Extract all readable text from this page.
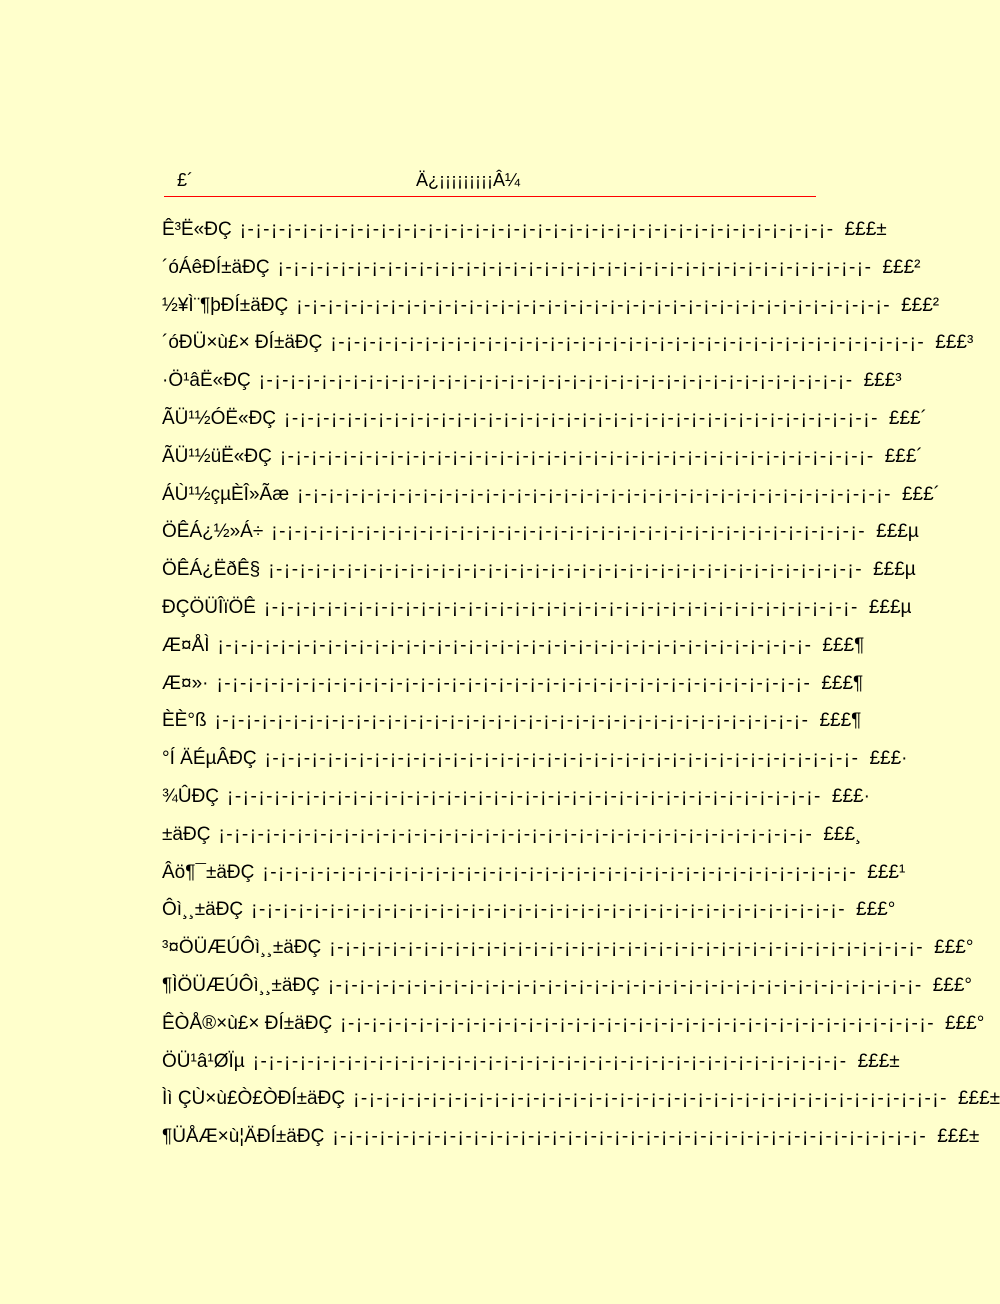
£´	Ä¿¡¡¡¡¡¡¡¡¡Â¼
Ê³Ë«ÐÇ ¡-¡-¡-¡-¡-¡-¡-¡-¡-¡-¡-¡-¡-¡-¡-¡-¡-¡-¡-¡-¡-¡-¡-¡-¡-¡-¡-¡-¡-¡-¡-¡-¡-¡-¡-¡-¡-¡- £££±
´óÁêÐÍ±äÐÇ ¡-¡-¡-¡-¡-¡-¡-¡-¡-¡-¡-¡-¡-¡-¡-¡-¡-¡-¡-¡-¡-¡-¡-¡-¡-¡-¡-¡-¡-¡-¡-¡-¡-¡-¡-¡-¡-¡- £££²
½¥Ì¨¶þÐÍ±äÐÇ ¡-¡-¡-¡-¡-¡-¡-¡-¡-¡-¡-¡-¡-¡-¡-¡-¡-¡-¡-¡-¡-¡-¡-¡-¡-¡-¡-¡-¡-¡-¡-¡-¡-¡-¡-¡-¡-¡- £££²
´óÐÜ×ù£× ÐÍ±äÐÇ ¡-¡-¡-¡-¡-¡-¡-¡-¡-¡-¡-¡-¡-¡-¡-¡-¡-¡-¡-¡-¡-¡-¡-¡-¡-¡-¡-¡-¡-¡-¡-¡-¡-¡-¡-¡-¡-¡- £££³
·Ö¹âË«ÐÇ ¡-¡-¡-¡-¡-¡-¡-¡-¡-¡-¡-¡-¡-¡-¡-¡-¡-¡-¡-¡-¡-¡-¡-¡-¡-¡-¡-¡-¡-¡-¡-¡-¡-¡-¡-¡-¡-¡- £££³
ÃÜ¹½ÓË«ÐÇ ¡-¡-¡-¡-¡-¡-¡-¡-¡-¡-¡-¡-¡-¡-¡-¡-¡-¡-¡-¡-¡-¡-¡-¡-¡-¡-¡-¡-¡-¡-¡-¡-¡-¡-¡-¡-¡-¡- £££´
ÃÜ¹½üË«ÐÇ ¡-¡-¡-¡-¡-¡-¡-¡-¡-¡-¡-¡-¡-¡-¡-¡-¡-¡-¡-¡-¡-¡-¡-¡-¡-¡-¡-¡-¡-¡-¡-¡-¡-¡-¡-¡-¡-¡- £££´
ÁÙ¹½çµÈÎ»Ãæ ¡-¡-¡-¡-¡-¡-¡-¡-¡-¡-¡-¡-¡-¡-¡-¡-¡-¡-¡-¡-¡-¡-¡-¡-¡-¡-¡-¡-¡-¡-¡-¡-¡-¡-¡-¡-¡-¡- £££´
ÖÊÁ¿½»Á÷ ¡-¡-¡-¡-¡-¡-¡-¡-¡-¡-¡-¡-¡-¡-¡-¡-¡-¡-¡-¡-¡-¡-¡-¡-¡-¡-¡-¡-¡-¡-¡-¡-¡-¡-¡-¡-¡-¡- £££µ
ÖÊÁ¿ËðÊ§ ¡-¡-¡-¡-¡-¡-¡-¡-¡-¡-¡-¡-¡-¡-¡-¡-¡-¡-¡-¡-¡-¡-¡-¡-¡-¡-¡-¡-¡-¡-¡-¡-¡-¡-¡-¡-¡-¡- £££µ
ÐÇÖÜÎïÖÊ ¡-¡-¡-¡-¡-¡-¡-¡-¡-¡-¡-¡-¡-¡-¡-¡-¡-¡-¡-¡-¡-¡-¡-¡-¡-¡-¡-¡-¡-¡-¡-¡-¡-¡-¡-¡-¡-¡- £££µ
Æ¤ÅÌ ¡-¡-¡-¡-¡-¡-¡-¡-¡-¡-¡-¡-¡-¡-¡-¡-¡-¡-¡-¡-¡-¡-¡-¡-¡-¡-¡-¡-¡-¡-¡-¡-¡-¡-¡-¡-¡-¡- £££¶
Æ¤»· ¡-¡-¡-¡-¡-¡-¡-¡-¡-¡-¡-¡-¡-¡-¡-¡-¡-¡-¡-¡-¡-¡-¡-¡-¡-¡-¡-¡-¡-¡-¡-¡-¡-¡-¡-¡-¡-¡- £££¶
ÈÈ°ß ¡-¡-¡-¡-¡-¡-¡-¡-¡-¡-¡-¡-¡-¡-¡-¡-¡-¡-¡-¡-¡-¡-¡-¡-¡-¡-¡-¡-¡-¡-¡-¡-¡-¡-¡-¡-¡-¡- £££¶
°Í ÄÉµÂÐÇ ¡-¡-¡-¡-¡-¡-¡-¡-¡-¡-¡-¡-¡-¡-¡-¡-¡-¡-¡-¡-¡-¡-¡-¡-¡-¡-¡-¡-¡-¡-¡-¡-¡-¡-¡-¡-¡-¡- £££·
¾ÛÐÇ ¡-¡-¡-¡-¡-¡-¡-¡-¡-¡-¡-¡-¡-¡-¡-¡-¡-¡-¡-¡-¡-¡-¡-¡-¡-¡-¡-¡-¡-¡-¡-¡-¡-¡-¡-¡-¡-¡- £££·
±äÐÇ ¡-¡-¡-¡-¡-¡-¡-¡-¡-¡-¡-¡-¡-¡-¡-¡-¡-¡-¡-¡-¡-¡-¡-¡-¡-¡-¡-¡-¡-¡-¡-¡-¡-¡-¡-¡-¡-¡- £££¸
Âö¶¯±äÐÇ ¡-¡-¡-¡-¡-¡-¡-¡-¡-¡-¡-¡-¡-¡-¡-¡-¡-¡-¡-¡-¡-¡-¡-¡-¡-¡-¡-¡-¡-¡-¡-¡-¡-¡-¡-¡-¡-¡- £££¹
Ôì¸¸±äÐÇ ¡-¡-¡-¡-¡-¡-¡-¡-¡-¡-¡-¡-¡-¡-¡-¡-¡-¡-¡-¡-¡-¡-¡-¡-¡-¡-¡-¡-¡-¡-¡-¡-¡-¡-¡-¡-¡-¡- £££°
³¤ÖÜÆÚÔì¸¸±äÐÇ ¡-¡-¡-¡-¡-¡-¡-¡-¡-¡-¡-¡-¡-¡-¡-¡-¡-¡-¡-¡-¡-¡-¡-¡-¡-¡-¡-¡-¡-¡-¡-¡-¡-¡-¡-¡-¡-¡- £££°
¶ÌÖÜÆÚÔì¸¸±äÐÇ ¡-¡-¡-¡-¡-¡-¡-¡-¡-¡-¡-¡-¡-¡-¡-¡-¡-¡-¡-¡-¡-¡-¡-¡-¡-¡-¡-¡-¡-¡-¡-¡-¡-¡-¡-¡-¡-¡- £££°
ÊÒÅ®×ù£× ÐÍ±äÐÇ ¡-¡-¡-¡-¡-¡-¡-¡-¡-¡-¡-¡-¡-¡-¡-¡-¡-¡-¡-¡-¡-¡-¡-¡-¡-¡-¡-¡-¡-¡-¡-¡-¡-¡-¡-¡-¡-¡- £££°
ÖÜ¹â¹ØÏµ ¡-¡-¡-¡-¡-¡-¡-¡-¡-¡-¡-¡-¡-¡-¡-¡-¡-¡-¡-¡-¡-¡-¡-¡-¡-¡-¡-¡-¡-¡-¡-¡-¡-¡-¡-¡-¡-¡- £££±
Ìì ÇÙ×ù£Ò£ÒÐÍ±äÐÇ ¡-¡-¡-¡-¡-¡-¡-¡-¡-¡-¡-¡-¡-¡-¡-¡-¡-¡-¡-¡-¡-¡-¡-¡-¡-¡-¡-¡-¡-¡-¡-¡-¡-¡-¡-¡-¡-¡- £££±
¶ÜÅÆ×ù¦ÄÐÍ±äÐÇ ¡-¡-¡-¡-¡-¡-¡-¡-¡-¡-¡-¡-¡-¡-¡-¡-¡-¡-¡-¡-¡-¡-¡-¡-¡-¡-¡-¡-¡-¡-¡-¡-¡-¡-¡-¡-¡-¡- £££±
